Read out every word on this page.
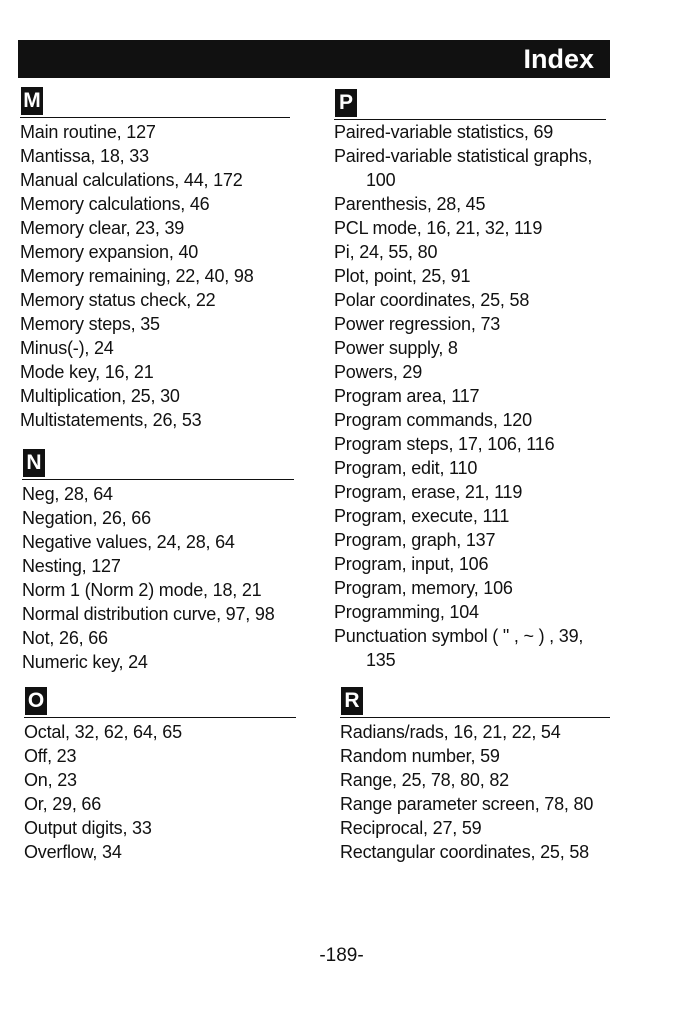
Index
M
Main routine, 127
Mantissa, 18, 33
Manual calculations, 44, 172
Memory calculations, 46
Memory clear, 23, 39
Memory expansion, 40
Memory remaining, 22, 40, 98
Memory status check, 22
Memory steps, 35
Minus(-), 24
Mode key, 16, 21
Multiplication, 25, 30
Multistatements, 26, 53
N
Neg, 28, 64
Negation, 26, 66
Negative values, 24, 28, 64
Nesting, 127
Norm 1 (Norm 2) mode, 18, 21
Normal distribution curve, 97, 98
Not, 26, 66
Numeric key, 24
O
Octal, 32, 62, 64, 65
Off, 23
On, 23
Or, 29, 66
Output digits, 33
Overflow, 34
P
Paired-variable statistics, 69
Paired-variable statistical graphs,
100
Parenthesis, 28, 45
PCL mode, 16, 21, 32, 119
Pi, 24, 55, 80
Plot, point, 25, 91
Polar coordinates, 25, 58
Power regression, 73
Power supply, 8
Powers, 29
Program area, 117
Program commands, 120
Program steps, 17, 106, 116
Program, edit, 110
Program, erase, 21, 119
Program, execute, 111
Program, graph, 137
Program, input, 106
Program, memory, 106
Programming, 104
Punctuation symbol ( " , ~ ) , 39,
135
R
Radians/rads, 16, 21, 22, 54
Random number, 59
Range, 25, 78, 80, 82
Range parameter screen, 78, 80
Reciprocal, 27, 59
Rectangular coordinates, 25, 58
-189-
